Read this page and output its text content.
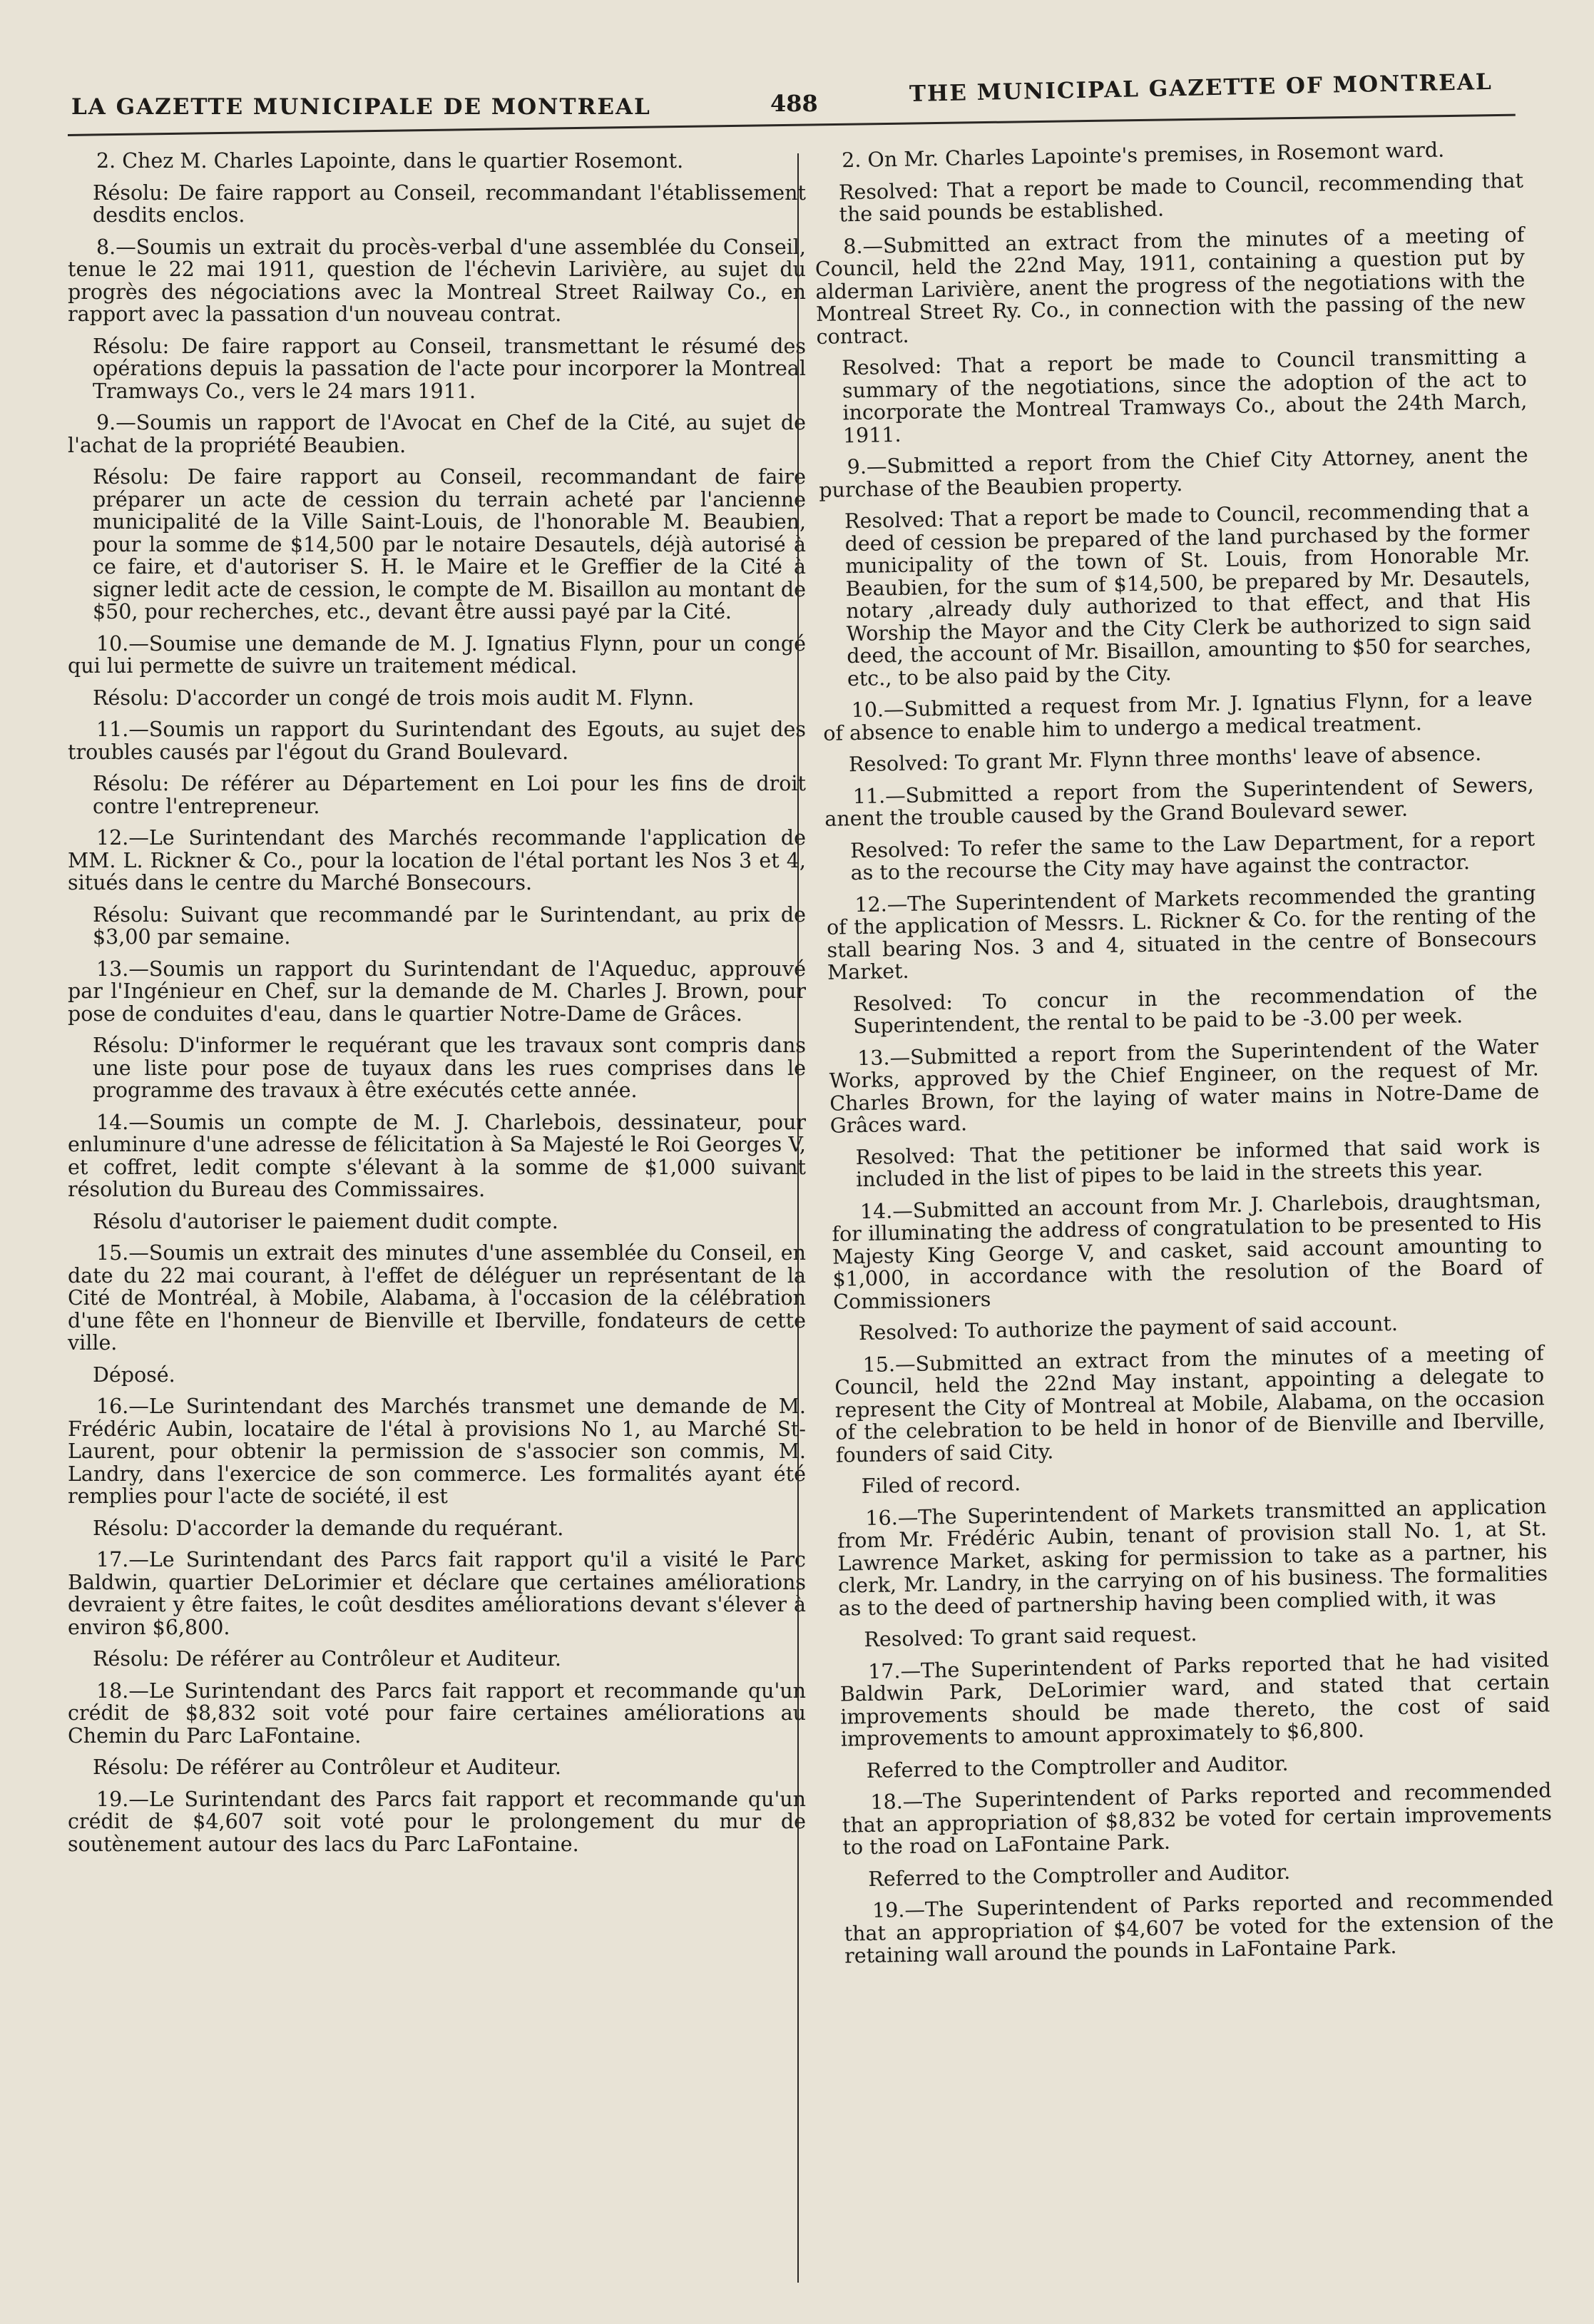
LA GAZETTE MUNICIPALE DE MONTREAL	488	THE MUNICIPAL GAZETTE OF MONTREAL

2. Chez M. Charles Lapointe, dans le quartier Rosemont.

Résolu: De faire rapport au Conseil, recommandant l'établissement desdits enclos.

8.—Soumis un extrait du procès-verbal d'une assemblée du Conseil, tenue le 22 mai 1911, question de l'échevin Larivière, au sujet du progrès des négociations avec la Montreal Street Railway Co., en rapport avec la passation d'un nouveau contrat.

Résolu: De faire rapport au Conseil, transmettant le résumé des opérations depuis la passation de l'acte pour incorporer la Montreal Tramways Co., vers le 24 mars 1911.

9.—Soumis un rapport de l'Avocat en Chef de la Cité, au sujet de l'achat de la propriété Beaubien.

Résolu: De faire rapport au Conseil, recommandant de faire préparer un acte de cession du terrain acheté par l'ancienne municipalité de la Ville Saint-Louis, de l'honorable M. Beaubien, pour la somme de $14,500 par le notaire Desautels, déjà autorisé à ce faire, et d'autoriser S. H. le Maire et le Greffier de la Cité à signer ledit acte de cession, le compte de M. Bisaillon au montant de $50, pour recherches, etc., devant être aussi payé par la Cité.

10.—Soumise une demande de M. J. Ignatius Flynn, pour un congé qui lui permette de suivre un traitement médical.

Résolu: D'accorder un congé de trois mois audit M. Flynn.

11.—Soumis un rapport du Surintendant des Egouts, au sujet des troubles causés par l'égout du Grand Boulevard.

Résolu: De référer au Département en Loi pour les fins de droit contre l'entrepreneur.

12.—Le Surintendant des Marchés recommande l'application de MM. L. Rickner & Co., pour la location de l'étal portant les Nos 3 et 4, situés dans le centre du Marché Bonsecours.

Résolu: Suivant que recommandé par le Surintendant, au prix de $3,00 par semaine.

13.—Soumis un rapport du Surintendant de l'Aqueduc, approuvé par l'Ingénieur en Chef, sur la demande de M. Charles J. Brown, pour pose de conduites d'eau, dans le quartier Notre-Dame de Grâces.

Résolu: D'informer le requérant que les travaux sont compris dans une liste pour pose de tuyaux dans les rues comprises dans le programme des travaux à être exécutés cette année.

14.—Soumis un compte de M. J. Charlebois, dessinateur, pour enluminure d'une adresse de félicitation à Sa Majesté le Roi Georges V, et coffret, ledit compte s'élevant à la somme de $1,000 suivant résolution du Bureau des Commissaires.

Résolu d'autoriser le paiement dudit compte.

15.—Soumis un extrait des minutes d'une assemblée du Conseil, en date du 22 mai courant, à l'effet de déléguer un représentant de la Cité de Montréal, à Mobile, Alabama, à l'occasion de la célébration d'une fête en l'honneur de Bienville et Iberville, fondateurs de cette ville.

Déposé.

16.—Le Surintendant des Marchés transmet une demande de M. Frédéric Aubin, locataire de l'étal à provisions No 1, au Marché St-Laurent, pour obtenir la permission de s'associer son commis, M. Landry, dans l'exercice de son commerce. Les formalités ayant été remplies pour l'acte de société, il est

Résolu: D'accorder la demande du requérant.

17.—Le Surintendant des Parcs fait rapport qu'il a visité le Parc Baldwin, quartier DeLorimier et déclare que certaines améliorations devraient y être faites, le coût desdites améliorations devant s'élever à environ $6,800.

Résolu: De référer au Contrôleur et Auditeur.

18.—Le Surintendant des Parcs fait rapport et recommande qu'un crédit de $8,832 soit voté pour faire certaines améliorations au Chemin du Parc LaFontaine.

Résolu: De référer au Contrôleur et Auditeur.

19.—Le Surintendant des Parcs fait rapport et recommande qu'un crédit de $4,607 soit voté pour le prolongement du mur de soutènement autour des lacs du Parc LaFontaine.

2. On Mr. Charles Lapointe's premises, in Rosemont ward.

Resolved: That a report be made to Council, recommending that the said pounds be established.

8.—Submitted an extract from the minutes of a meeting of Council, held the 22nd May, 1911, containing a question put by alderman Larivière, anent the progress of the negotiations with the Montreal Street Ry. Co., in connection with the passing of the new contract.

Resolved: That a report be made to Council transmitting a summary of the negotiations, since the adoption of the act to incorporate the Montreal Tramways Co., about the 24th March, 1911.

9.—Submitted a report from the Chief City Attorney, anent the purchase of the Beaubien property.

Resolved: That a report be made to Council, recommending that a deed of cession be prepared of the land purchased by the former municipality of the town of St. Louis, from Honorable Mr. Beaubien, for the sum of $14,500, be prepared by Mr. Desautels, notary ,already duly authorized to that effect, and that His Worship the Mayor and the City Clerk be authorized to sign said deed, the account of Mr. Bisaillon, amounting to $50 for searches, etc., to be also paid by the City.

10.—Submitted a request from Mr. J. Ignatius Flynn, for a leave of absence to enable him to undergo a medical treatment.

Resolved: To grant Mr. Flynn three months' leave of absence.

11.—Submitted a report from the Superintendent of Sewers, anent the trouble caused by the Grand Boulevard sewer.

Resolved: To refer the same to the Law Department, for a report as to the recourse the City may have against the contractor.

12.—The Superintendent of Markets recommended the granting of the application of Messrs. L. Rickner & Co. for the renting of the stall bearing Nos. 3 and 4, situated in the centre of Bonsecours Market.

Resolved: To concur in the recommendation of the Superintendent, the rental to be paid to be -3.00 per week.

13.—Submitted a report from the Superintendent of the Water Works, approved by the Chief Engineer, on the request of Mr. Charles Brown, for the laying of water mains in Notre-Dame de Grâces ward.

Resolved: That the petitioner be informed that said work is included in the list of pipes to be laid in the streets this year.

14.—Submitted an account from Mr. J. Charlebois, draughtsman, for illuminating the address of congratulation to be presented to His Majesty King George V, and casket, said account amounting to $1,000, in accordance with the resolution of the Board of Commissioners

Resolved: To authorize the payment of said account.

15.—Submitted an extract from the minutes of a meeting of Council, held the 22nd May instant, appointing a delegate to represent the City of Montreal at Mobile, Alabama, on the occasion of the celebration to be held in honor of de Bienville and Iberville, founders of said City.

Filed of record.

16.—The Superintendent of Markets transmitted an application from Mr. Frédéric Aubin, tenant of provision stall No. 1, at St. Lawrence Market, asking for permission to take as a partner, his clerk, Mr. Landry, in the carrying on of his business. The formalities as to the deed of partnership having been complied with, it was

Resolved: To grant said request.

17.—The Superintendent of Parks reported that he had visited Baldwin Park, DeLorimier ward, and stated that certain improvements should be made thereto, the cost of said improvements to amount approximately to $6,800.

Referred to the Comptroller and Auditor.

18.—The Superintendent of Parks reported and recommended that an appropriation of $8,832 be voted for certain improvements to the road on LaFontaine Park.

Referred to the Comptroller and Auditor.

19.—The Superintendent of Parks reported and recommended that an appropriation of $4,607 be voted for the extension of the retaining wall around the pounds in LaFontaine Park.
